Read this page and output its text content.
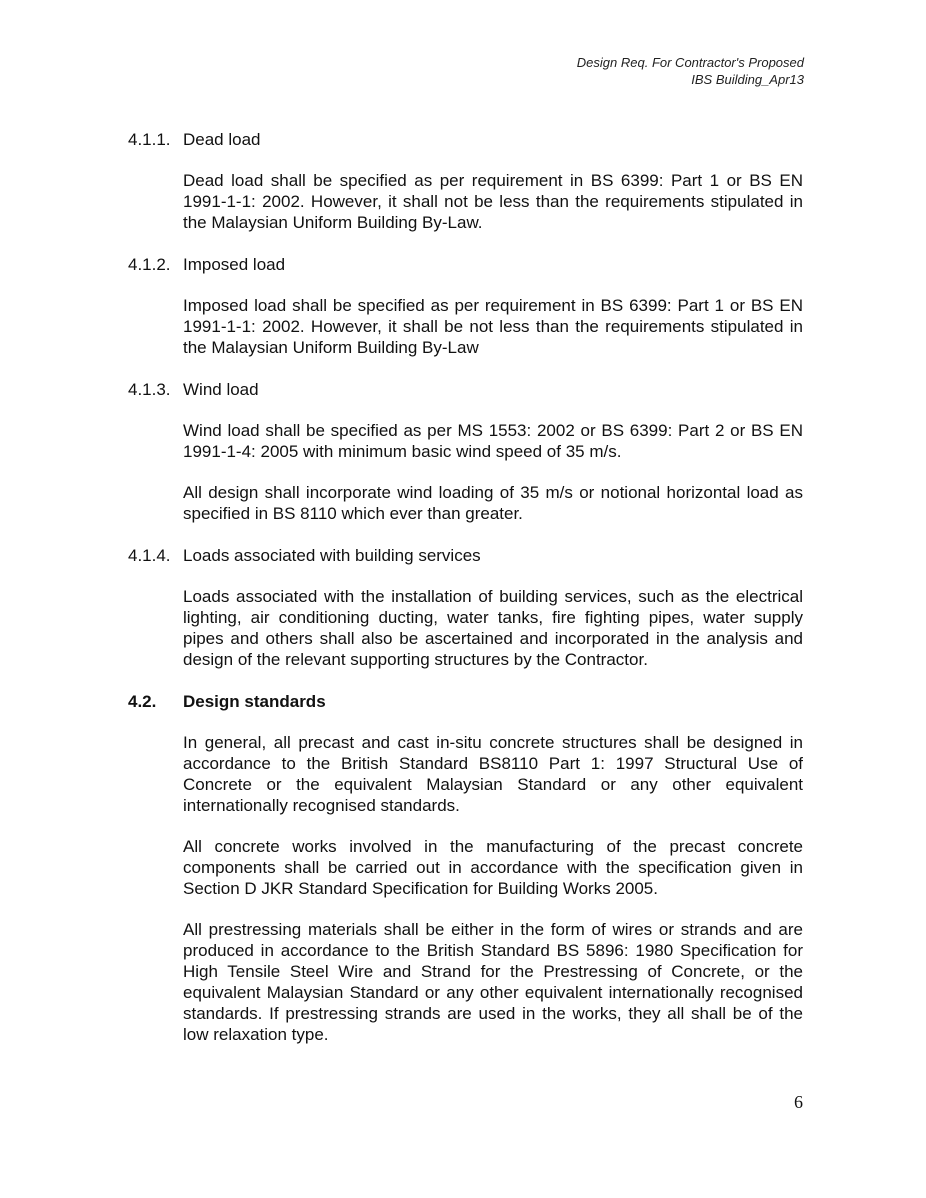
Design Req. For Contractor's Proposed
IBS Building_Apr13
4.1.1. Dead load

Dead load shall be specified as per requirement in BS 6399: Part 1 or BS EN 1991-1-1: 2002. However, it shall not be less than the requirements stipulated in the Malaysian Uniform Building By-Law.

4.1.2. Imposed load

Imposed load shall be specified as per requirement in BS 6399: Part 1 or BS EN 1991-1-1: 2002. However, it shall be not less than the requirements stipulated in the Malaysian Uniform Building By-Law

4.1.3. Wind load

Wind load shall be specified as per MS 1553: 2002 or BS 6399: Part 2 or BS EN 1991-1-4: 2005 with minimum basic wind speed of 35 m/s.

All design shall incorporate wind loading of 35 m/s or notional horizontal load as specified in BS 8110 which ever than greater.

4.1.4. Loads associated with building services

Loads associated with the installation of building services, such as the electrical lighting, air conditioning ducting, water tanks, fire fighting pipes, water supply pipes and others shall also be ascertained and incorporated in the analysis and design of the relevant supporting structures by the Contractor.

4.2.	Design standards

In general, all precast and cast in-situ concrete structures shall be designed in accordance to the British Standard BS8110 Part 1: 1997 Structural Use of Concrete or the equivalent Malaysian Standard or any other equivalent internationally recognised standards.

All concrete works involved in the manufacturing of the precast concrete components shall be carried out in accordance with the specification given in Section D JKR Standard Specification for Building Works 2005.

All prestressing materials shall be either in the form of wires or strands and are produced in accordance to the British Standard BS 5896: 1980 Specification for High Tensile Steel Wire and Strand for the Prestressing of Concrete, or the equivalent Malaysian Standard or any other equivalent internationally recognised standards. If prestressing strands are used in the works, they all shall be of the low relaxation type.

6
